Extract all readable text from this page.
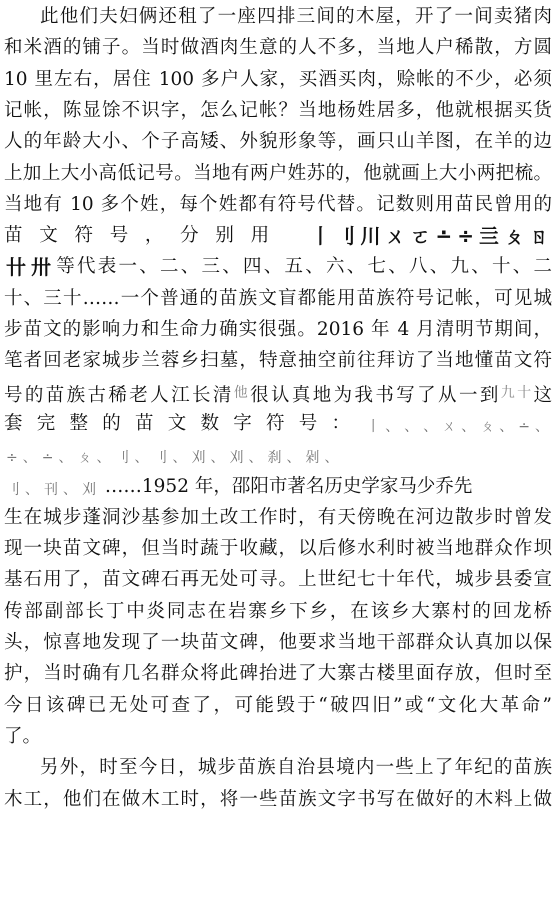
此他们夫妇俩还租了一座四排三间的木屋，开了一间卖猪肉
和米酒的铺子。当时做酒肉生意的人不多，当地人户稀散，方圆
10 里左右，居住 100 多户人家，买酒买肉，赊帐的不少，必须
记帐，陈显馀不识字，怎么记帐？当地杨姓居多，他就根据买货
人的年龄大小、个子高矮、外貌形象等，画只山羊图，在羊的边
上加上大小高低记号。当地有两户姓苏的，他就画上大小两把梳。
当地有 10 多个姓，每个姓都有符号代替。记数则用苗民曾用的
苗文符号，分别用 丨 刂 川 ㄨ ㄛ ∸ ÷ 亖 ㄆ ㄖ
卄 卅 等代表一、二、三、四、五、六、七、八、九、十、二
十、三十……一个普通的苗族文盲都能用苗族符号记帐，可见城
步苗文的影响力和生命力确实很强。2016 年 4 月清明节期间，
笔者回老家城步兰蓉乡扫墓，特意抽空前往拜访了当地懂苗文符
号的苗族古稀老人江长清$^他$很认真地为我书写了从一到$^{九十}$这
套完整的苗文数字符号： 丨 、 、 、 ㄨ 、 ㄆ 、 ∸ 、
÷ 、 ∸ 、 ㄆ 、 刂 、 刂 、 刈 、 刈 、 刹 、 剁 、
刂 、 刊 、 刈 ……1952 年，邵阳市著名历史学家马少乔先
生在城步蓬洞沙基参加土改工作时，有天傍晚在河边散步时曾发
现一块苗文碑，但当时蔬于收藏，以后修水利时被当地群众作坝
基石用了，苗文碑石再无处可寻。上世纪七十年代，城步县委宣
传部副部长丁中炎同志在岩寨乡下乡，在该乡大寨村的回龙桥
头，惊喜地发现了一块苗文碑，他要求当地干部群众认真加以保
护，当时确有几名群众将此碑抬进了大寨古楼里面存放，但时至
今日该碑已无处可查了，可能毁于“破四旧”或“文化大革命”
了。
另外，时至今日，城步苗族自治县境内一些上了年纪的苗族
木工，他们在做木工时，将一些苗族文字书写在做好的木料上做
